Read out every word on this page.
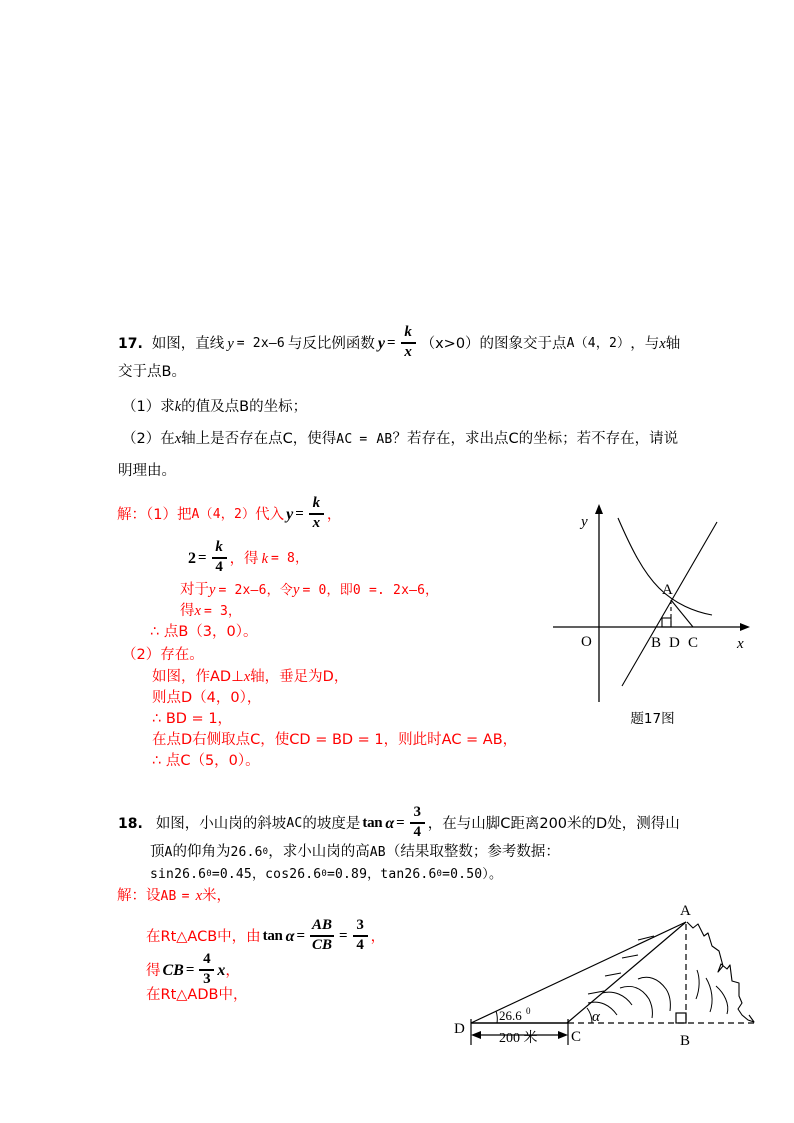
17. 如图，直线 y = 2x—6 与反比例函数 $y = \frac{k}{x} (x>0)$的图象交于点 A（4，2） ，与 x 轴
交于点B。
（1）求 k 的值及点B的坐标；
（2）在 x 轴上是否存在点C，使得 AC = AB ？若存在，求出点C的坐标；若不存在，请说
明理由。
解：（1）把 A（4，2） 代入 $y = \frac{k}{x}$ ，
$2 = \frac{k}{4}$ ，得 k = 8，
对于 y = 2x—6，令 y = 0，即0 =. 2x—6，
得 x = 3，
∴ 点B（3，0）。
（2）存在。
如图，作AD⊥ x 轴，垂足为D，
则点D（4，0），
∴ BD = 1，
在点D右侧取点C，使CD = BD = 1，则此时AC = AB，
∴ 点C（5，0）。
A
O	B D C	x
y
题17图
18. 如图，小山岗的斜坡 AC 的坡度是 $\tan \alpha = \frac{3}{4}$ ，在与山脚C距离200米的D处，测得山
顶 A 的仰角为 26.6 0 ，求小山岗的高 AB （结果取整数；参考数据：
sin26.6 0 =0.45，cos26.6 0 =0.89，tan26.6 0 =0.50）。
解：设 AB = x 米，
在Rt△ACB中，由 $\tan \alpha = \frac{AB}{CB} = \frac{3}{4}$ ，
得 CB = $\frac{4}{3}$ x ，
在Rt△ADB中，
A
B
C
D
α
26.6 0
200 米
